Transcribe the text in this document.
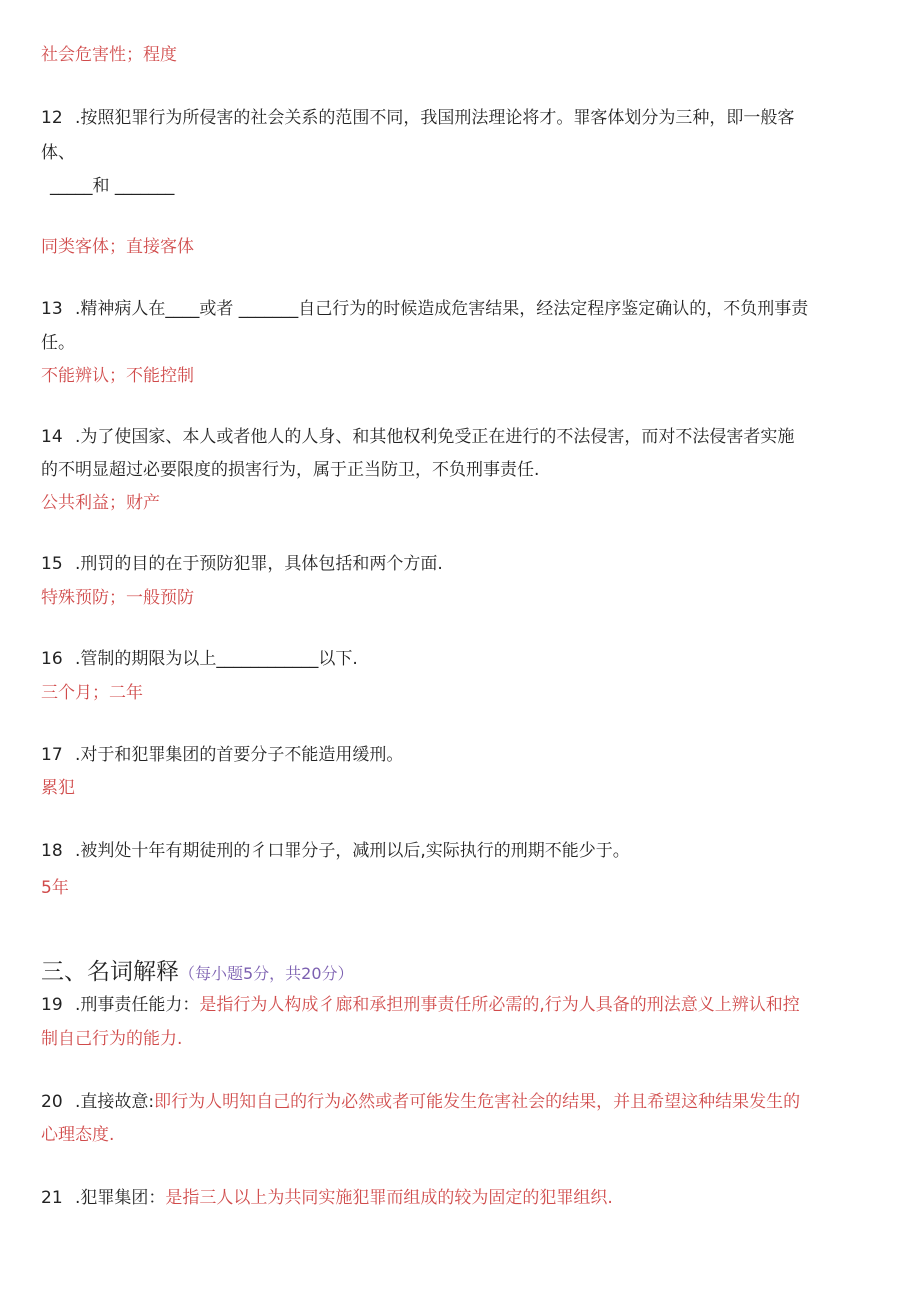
社会危害性；程度
12 .按照犯罪行为所侵害的社会关系的范围不同，我国刑法理论将才。罪客体划分为三种，即一般客
体、
_____和 _______
同类客体；直接客体
13 .精神病人在____或者 _______自己行为的时候造成危害结果，经法定程序鉴定确认的，不负刑事责
任。
不能辨认；不能控制
14 .为了使国家、本人或者他人的人身、和其他权利免受正在进行的不法侵害，而对不法侵害者实施
的不明显超过必要限度的损害行为，属于正当防卫，不负刑事责任.
公共利益；财产
15 .刑罚的目的在于预防犯罪，具体包括和两个方面.
特殊预防；一般预防
16 .管制的期限为以上____________以下.
三个月；二年
17 .对于和犯罪集团的首要分子不能造用缓刑。
累犯
18 .被判处十年有期徒刑的彳口罪分子，减刑以后,实际执行的刑期不能少于。
5年
三、名词解释（每小题5分，共20分）
19 .刑事责任能力：是指行为人构成彳廊和承担刑事责任所必需的,行为人具备的刑法意义上辨认和控
制自己行为的能力.
20 .直接故意:即行为人明知自己的行为必然或者可能发生危害社会的结果，并且希望这种结果发生的
心理态度.
21 .犯罪集团：是指三人以上为共同实施犯罪而组成的较为固定的犯罪组织.
